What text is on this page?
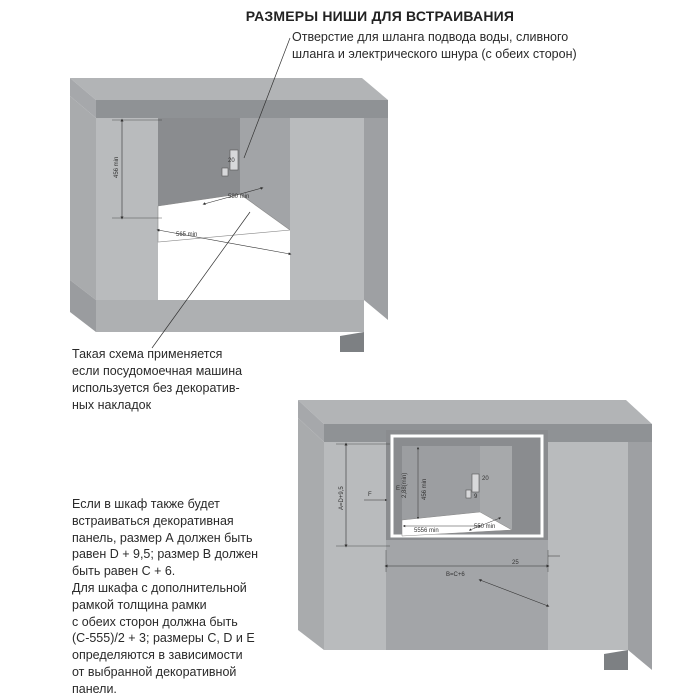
РАЗМЕРЫ НИШИ ДЛЯ ВСТРАИВАНИЯ
Отверстие для шланга подвода воды, сливного
шланга и электрического шнура (с обеих сторон)
Такая схема применяется
если посудомоечная машина
используется без декоратив-
ных накладок
Если в шкаф также будет
встраиваться декоративная
панель, размер А должен быть
равен D + 9,5; размер В должен
быть равен С + 6.
Для шкафа с дополнительной
рамкой толщина рамки
с обеих сторон должна быть
(С-555)/2 + 3; размеры С, D и Е
определяются в зависимости
от выбранной декоративной
панели.
456 min
565 min
580 min
20
A=D+9,5	F	456 min
2,88(min)
E
5556 min
550 min
20
9
B=C+6
25
